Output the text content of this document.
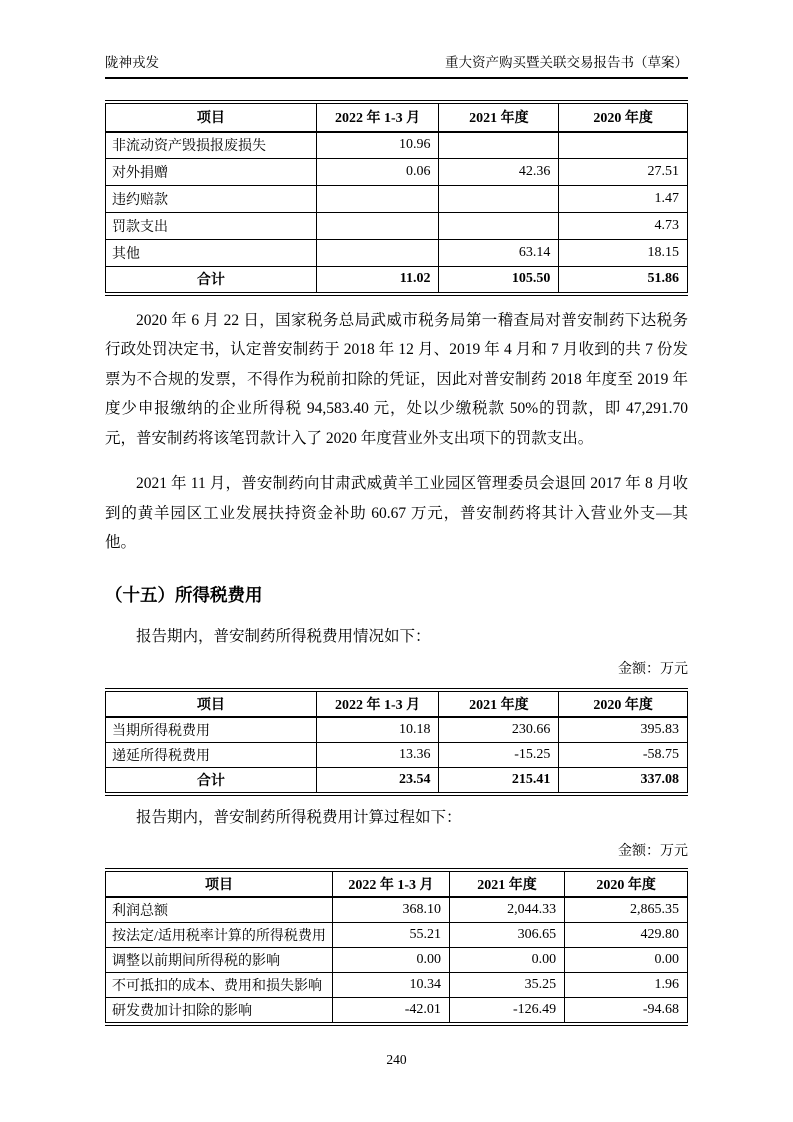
陇神戎发	重大资产购买暨关联交易报告书（草案）
项目	2022 年 1-3 月	2021 年度	2020 年度
非流动资产毁损报废损失	10.96		
对外捐赠	0.06	42.36	27.51
违约赔款			1.47
罚款支出			4.73
其他		63.14	18.15
合计	11.02	105.50	51.86

2020 年 6 月 22 日，国家税务总局武威市税务局第一稽查局对普安制药下达税务行政处罚决定书，认定普安制药于 2018 年 12 月、2019 年 4 月和 7 月收到的共 7 份发票为不合规的发票，不得作为税前扣除的凭证，因此对普安制药 2018 年度至 2019 年度少申报缴纳的企业所得税 94,583.40 元，处以少缴税款 50%的罚款，即 47,291.70 元，普安制药将该笔罚款计入了 2020 年度营业外支出项下的罚款支出。

2021 年 11 月，普安制药向甘肃武威黄羊工业园区管理委员会退回 2017 年 8 月收到的黄羊园区工业发展扶持资金补助 60.67 万元，普安制药将其计入营业外支—其他。

（十五）所得税费用

报告期内，普安制药所得税费用情况如下：

金额：万元

项目	2022 年 1-3 月	2021 年度	2020 年度
当期所得税费用	10.18	230.66	395.83
递延所得税费用	13.36	-15.25	-58.75
合计	23.54	215.41	337.08

报告期内，普安制药所得税费用计算过程如下：

金额：万元

项目	2022 年 1-3 月	2021 年度	2020 年度
利润总额	368.10	2,044.33	2,865.35
按法定/适用税率计算的所得税费用	55.21	306.65	429.80
调整以前期间所得税的影响	0.00	0.00	0.00
不可抵扣的成本、费用和损失影响	10.34	35.25	1.96
研发费加计扣除的影响	-42.01	-126.49	-94.68
240
